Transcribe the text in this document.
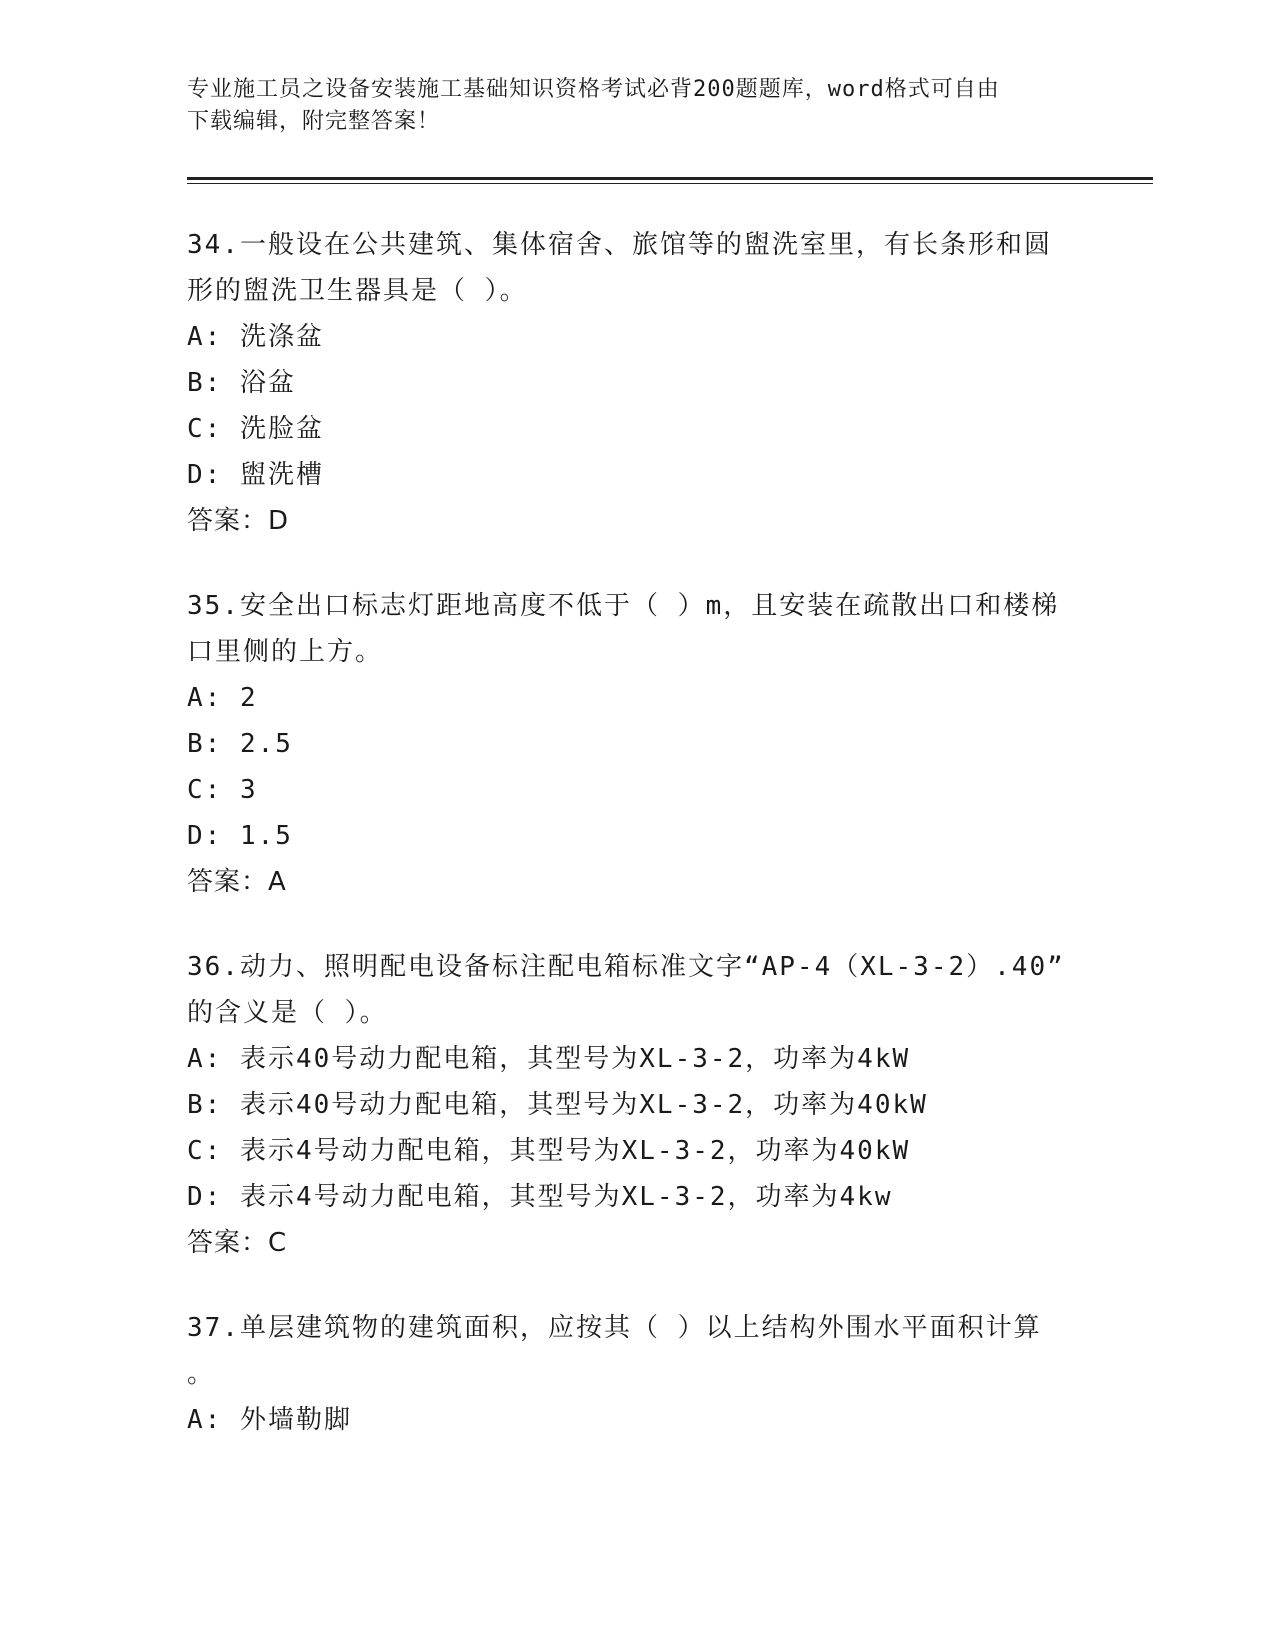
专业施工员之设备安装施工基础知识资格考试必背200题题库，word格式可自由
下载编辑，附完整答案！

34.一般设在公共建筑、集体宿舍、旅馆等的盥洗室里，有长条形和圆

形的盥洗卫生器具是（ ）。

A: 洗涤盆

B: 浴盆

C: 洗脸盆

D: 盥洗槽

答案：D

35.安全出口标志灯距地高度不低于（ ）m，且安装在疏散出口和楼梯

口里侧的上方。

A: 2

B: 2.5

C: 3

D: 1.5

答案：A

36.动力、照明配电设备标注配电箱标准文字“AP-4（XL-3-2）.40”

的含义是（ ）。

A: 表示40号动力配电箱，其型号为XL-3-2，功率为4kW

B: 表示40号动力配电箱，其型号为XL-3-2，功率为40kW

C: 表示4号动力配电箱，其型号为XL-3-2，功率为40kW

D: 表示4号动力配电箱，其型号为XL-3-2，功率为4kw

答案：C

37.单层建筑物的建筑面积，应按其（ ）以上结构外围水平面积计算

。

A: 外墙勒脚
